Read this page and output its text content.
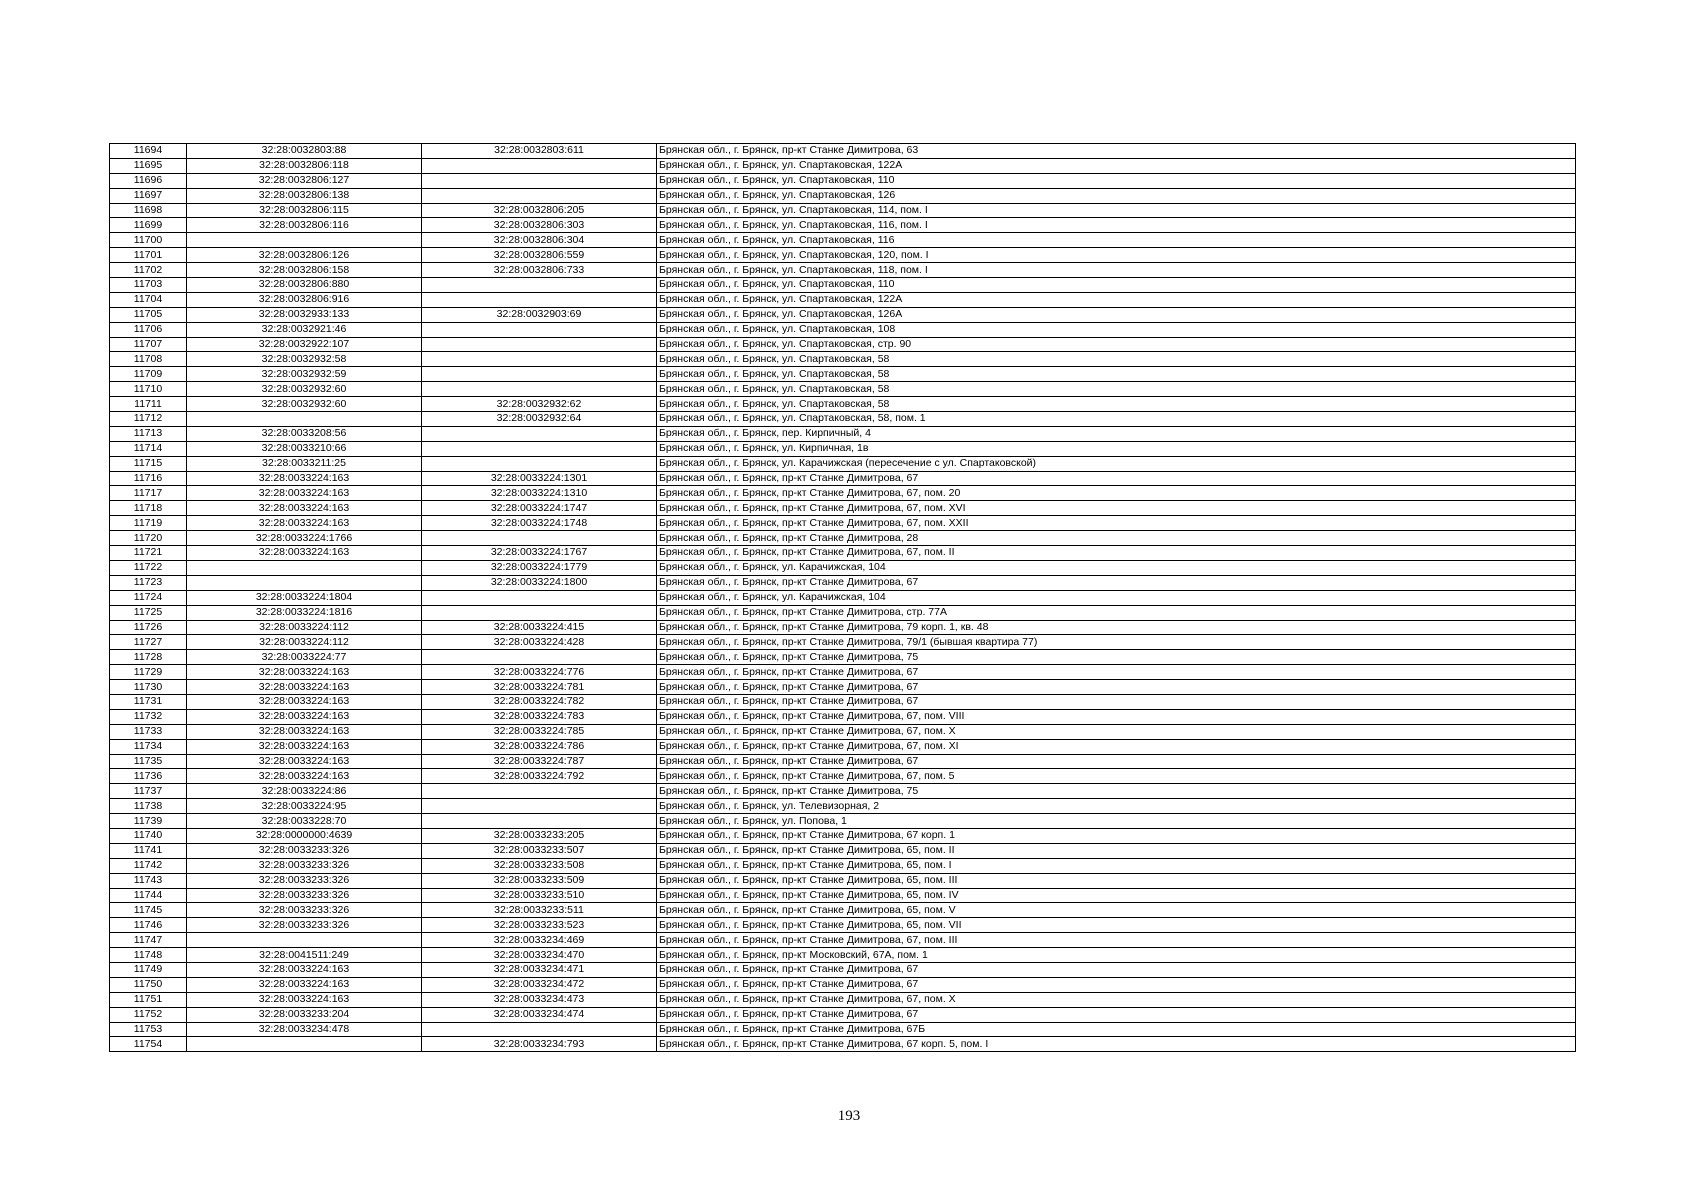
11694	32:28:0032803:88	32:28:0032803:611	Брянская обл., г. Брянск, пр-кт Станке Димитрова, 63
11695	32:28:0032806:118		Брянская обл., г. Брянск, ул. Спартаковская, 122А
11696	32:28:0032806:127		Брянская обл., г. Брянск, ул. Спартаковская, 110
11697	32:28:0032806:138		Брянская обл., г. Брянск, ул. Спартаковская, 126
11698	32:28:0032806:115	32:28:0032806:205	Брянская обл., г. Брянск, ул. Спартаковская, 114, пом. I
11699	32:28:0032806:116	32:28:0032806:303	Брянская обл., г. Брянск, ул. Спартаковская, 116, пом. I
11700		32:28:0032806:304	Брянская обл., г. Брянск, ул. Спартаковская, 116
11701	32:28:0032806:126	32:28:0032806:559	Брянская обл., г. Брянск, ул. Спартаковская, 120, пом. I
11702	32:28:0032806:158	32:28:0032806:733	Брянская обл., г. Брянск, ул. Спартаковская, 118, пом. I
11703	32:28:0032806:880		Брянская обл., г. Брянск, ул. Спартаковская, 110
11704	32:28:0032806:916		Брянская обл., г. Брянск, ул. Спартаковская, 122А
11705	32:28:0032933:133	32:28:0032903:69	Брянская обл., г. Брянск, ул. Спартаковская, 126А
11706	32:28:0032921:46		Брянская обл., г. Брянск, ул. Спартаковская, 108
11707	32:28:0032922:107		Брянская обл., г. Брянск, ул. Спартаковская, стр. 90
11708	32:28:0032932:58		Брянская обл., г. Брянск, ул. Спартаковская, 58
11709	32:28:0032932:59		Брянская обл., г. Брянск, ул. Спартаковская, 58
11710	32:28:0032932:60		Брянская обл., г. Брянск, ул. Спартаковская, 58
11711	32:28:0032932:60	32:28:0032932:62	Брянская обл., г. Брянск, ул. Спартаковская, 58
11712		32:28:0032932:64	Брянская обл., г. Брянск, ул. Спартаковская, 58, пом. 1
11713	32:28:0033208:56		Брянская обл., г. Брянск, пер. Кирпичный, 4
11714	32:28:0033210:66		Брянская обл., г. Брянск, ул. Кирпичная, 1в
11715	32:28:0033211:25		Брянская обл., г. Брянск, ул. Карачижская (пересечение с ул. Спартаковской)
11716	32:28:0033224:163	32:28:0033224:1301	Брянская обл., г. Брянск, пр-кт Станке Димитрова, 67
11717	32:28:0033224:163	32:28:0033224:1310	Брянская обл., г. Брянск, пр-кт Станке Димитрова, 67, пом. 20
11718	32:28:0033224:163	32:28:0033224:1747	Брянская обл., г. Брянск, пр-кт Станке Димитрова, 67, пом. XVI
11719	32:28:0033224:163	32:28:0033224:1748	Брянская обл., г. Брянск, пр-кт Станке Димитрова, 67, пом. XXII
11720	32:28:0033224:1766		Брянская обл., г. Брянск, пр-кт Станке Димитрова, 28
11721	32:28:0033224:163	32:28:0033224:1767	Брянская обл., г. Брянск, пр-кт Станке Димитрова, 67, пом. II
11722		32:28:0033224:1779	Брянская обл., г. Брянск, ул. Карачижская, 104
11723		32:28:0033224:1800	Брянская обл., г. Брянск, пр-кт Станке Димитрова, 67
11724	32:28:0033224:1804		Брянская обл., г. Брянск, ул. Карачижская, 104
11725	32:28:0033224:1816		Брянская обл., г. Брянск, пр-кт Станке Димитрова, стр. 77А
11726	32:28:0033224:112	32:28:0033224:415	Брянская обл., г. Брянск, пр-кт Станке Димитрова, 79 корп. 1, кв. 48
11727	32:28:0033224:112	32:28:0033224:428	Брянская обл., г. Брянск, пр-кт Станке Димитрова, 79/1 (бывшая квартира 77)
11728	32:28:0033224:77		Брянская обл., г. Брянск, пр-кт Станке Димитрова, 75
11729	32:28:0033224:163	32:28:0033224:776	Брянская обл., г. Брянск, пр-кт Станке Димитрова, 67
11730	32:28:0033224:163	32:28:0033224:781	Брянская обл., г. Брянск, пр-кт Станке Димитрова, 67
11731	32:28:0033224:163	32:28:0033224:782	Брянская обл., г. Брянск, пр-кт Станке Димитрова, 67
11732	32:28:0033224:163	32:28:0033224:783	Брянская обл., г. Брянск, пр-кт Станке Димитрова, 67, пом. VIII
11733	32:28:0033224:163	32:28:0033224:785	Брянская обл., г. Брянск, пр-кт Станке Димитрова, 67, пом. X
11734	32:28:0033224:163	32:28:0033224:786	Брянская обл., г. Брянск, пр-кт Станке Димитрова, 67, пом. XI
11735	32:28:0033224:163	32:28:0033224:787	Брянская обл., г. Брянск, пр-кт Станке Димитрова, 67
11736	32:28:0033224:163	32:28:0033224:792	Брянская обл., г. Брянск, пр-кт Станке Димитрова, 67, пом. 5
11737	32:28:0033224:86		Брянская обл., г. Брянск, пр-кт Станке Димитрова, 75
11738	32:28:0033224:95		Брянская обл., г. Брянск, ул. Телевизорная, 2
11739	32:28:0033228:70		Брянская обл., г. Брянск, ул. Попова, 1
11740	32:28:0000000:4639	32:28:0033233:205	Брянская обл., г. Брянск, пр-кт Станке Димитрова, 67 корп. 1
11741	32:28:0033233:326	32:28:0033233:507	Брянская обл., г. Брянск, пр-кт Станке Димитрова, 65, пом. II
11742	32:28:0033233:326	32:28:0033233:508	Брянская обл., г. Брянск, пр-кт Станке Димитрова, 65, пом. I
11743	32:28:0033233:326	32:28:0033233:509	Брянская обл., г. Брянск, пр-кт Станке Димитрова, 65, пом. III
11744	32:28:0033233:326	32:28:0033233:510	Брянская обл., г. Брянск, пр-кт Станке Димитрова, 65, пом. IV
11745	32:28:0033233:326	32:28:0033233:511	Брянская обл., г. Брянск, пр-кт Станке Димитрова, 65, пом. V
11746	32:28:0033233:326	32:28:0033233:523	Брянская обл., г. Брянск, пр-кт Станке Димитрова, 65, пом. VII
11747		32:28:0033234:469	Брянская обл., г. Брянск, пр-кт Станке Димитрова, 67, пом. III
11748	32:28:0041511:249	32:28:0033234:470	Брянская обл., г. Брянск, пр-кт Московский, 67А, пом. 1
11749	32:28:0033224:163	32:28:0033234:471	Брянская обл., г. Брянск, пр-кт Станке Димитрова, 67
11750	32:28:0033224:163	32:28:0033234:472	Брянская обл., г. Брянск, пр-кт Станке Димитрова, 67
11751	32:28:0033224:163	32:28:0033234:473	Брянская обл., г. Брянск, пр-кт Станке Димитрова, 67, пом. X
11752	32:28:0033233:204	32:28:0033234:474	Брянская обл., г. Брянск, пр-кт Станке Димитрова, 67
11753	32:28:0033234:478		Брянская обл., г. Брянск, пр-кт Станке Димитрова, 67Б
11754		32:28:0033234:793	Брянская обл., г. Брянск, пр-кт Станке Димитрова, 67 корп. 5, пом. I
193
